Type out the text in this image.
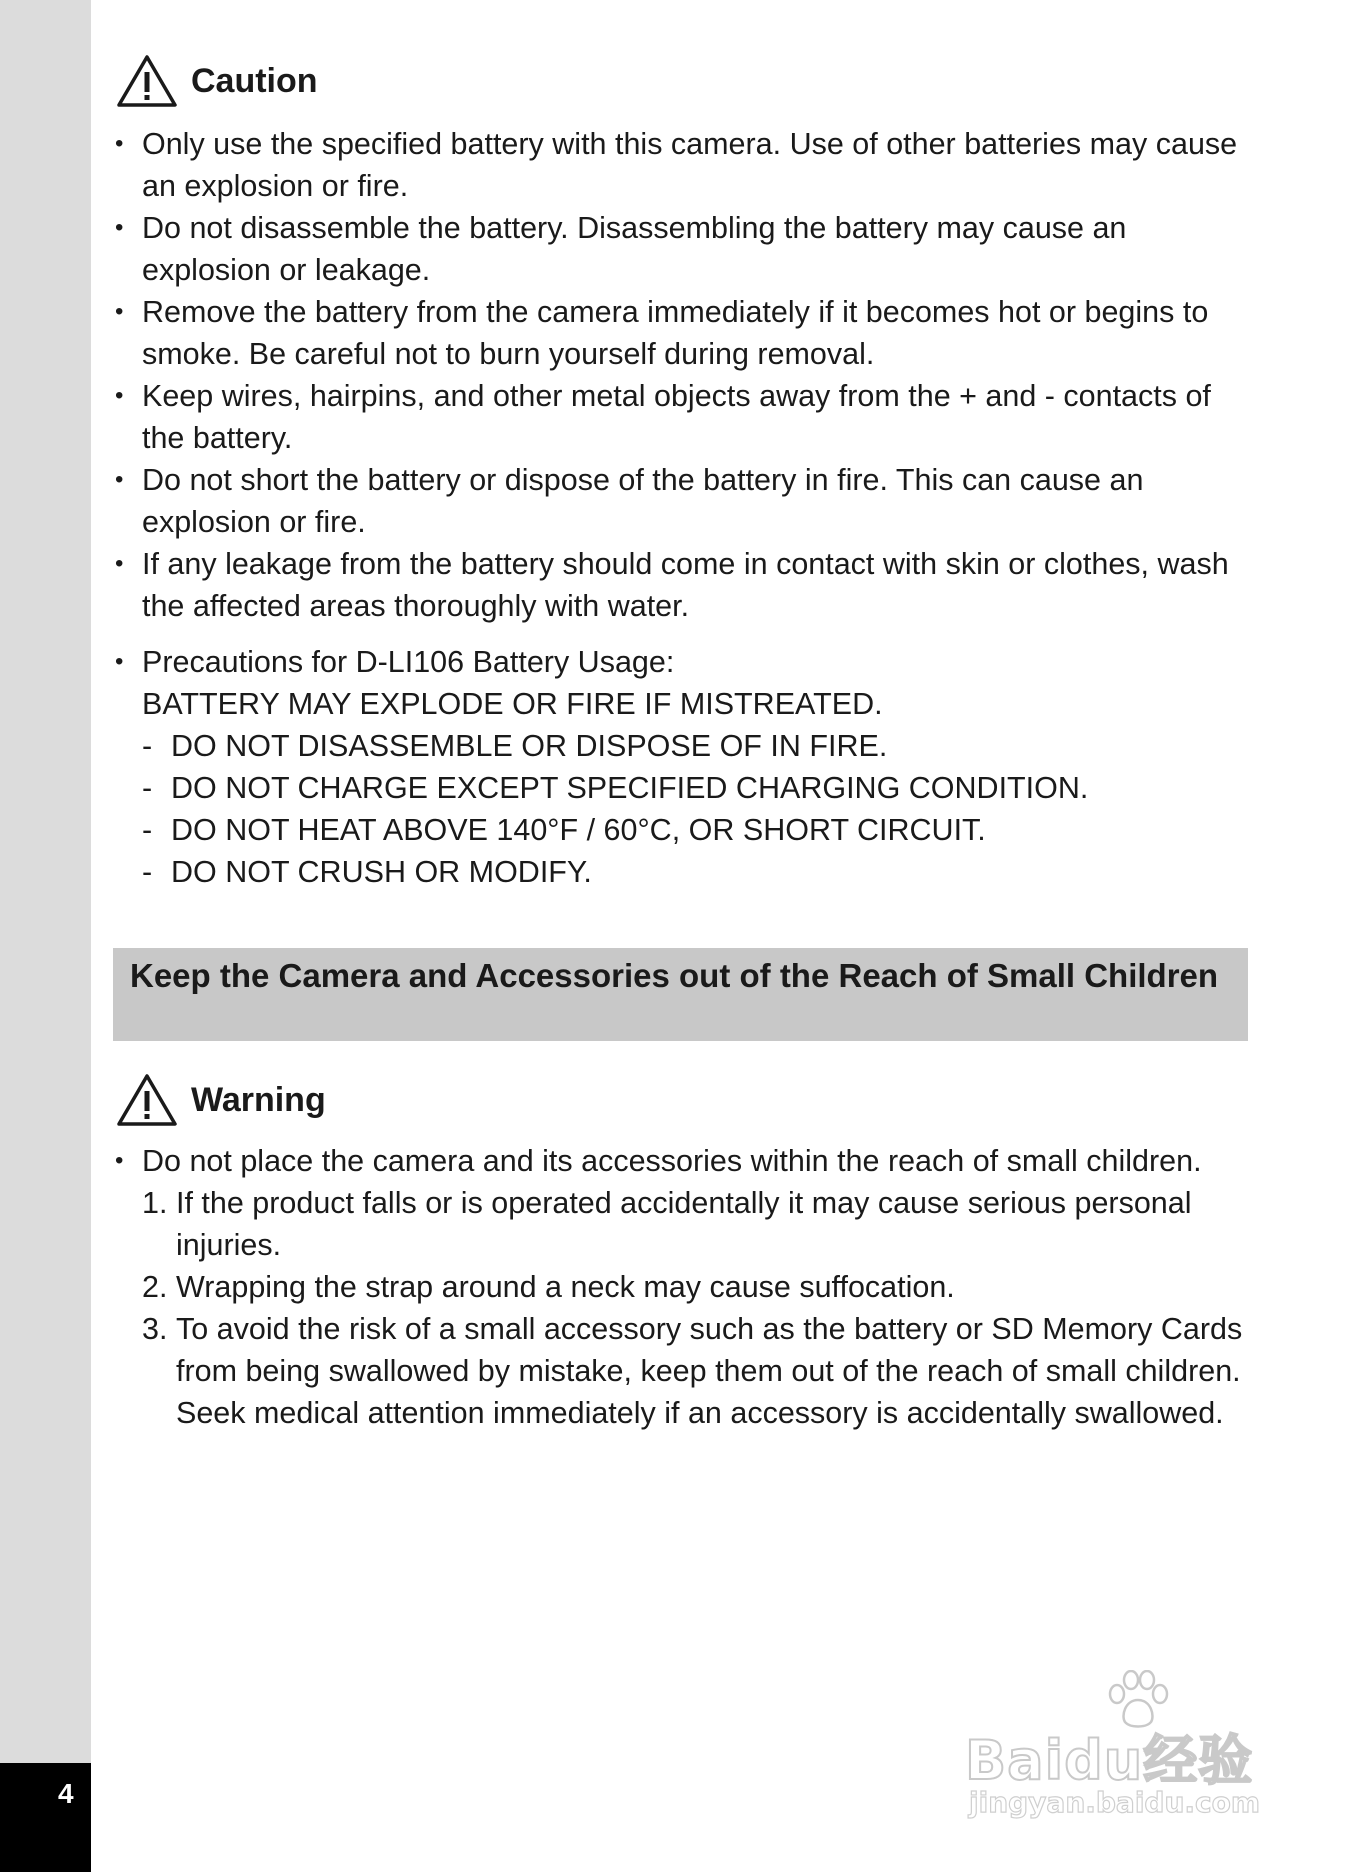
4
Caution
• Only use the specified battery with this camera. Use of other batteries may cause an explosion or fire.
• Do not disassemble the battery. Disassembling the battery may cause an explosion or leakage.
• Remove the battery from the camera immediately if it becomes hot or begins to smoke. Be careful not to burn yourself during removal.
• Keep wires, hairpins, and other metal objects away from the + and - contacts of the battery.
• Do not short the battery or dispose of the battery in fire. This can cause an explosion or fire.
• If any leakage from the battery should come in contact with skin or clothes, wash the affected areas thoroughly with water.
• Precautions for D-LI106 Battery Usage:
BATTERY MAY EXPLODE OR FIRE IF MISTREATED.
- DO NOT DISASSEMBLE OR DISPOSE OF IN FIRE.
- DO NOT CHARGE EXCEPT SPECIFIED CHARGING CONDITION.
- DO NOT HEAT ABOVE 140°F / 60°C, OR SHORT CIRCUIT.
- DO NOT CRUSH OR MODIFY.
Keep the Camera and Accessories out of the Reach of Small Children
Warning
• Do not place the camera and its accessories within the reach of small children.
1. If the product falls or is operated accidentally it may cause serious personal injuries.
2. Wrapping the strap around a neck may cause suffocation.
3. To avoid the risk of a small accessory such as the battery or SD Memory Cards from being swallowed by mistake, keep them out of the reach of small children. Seek medical attention immediately if an accessory is accidentally swallowed.
Baidu经验
jingyan.baidu.com
